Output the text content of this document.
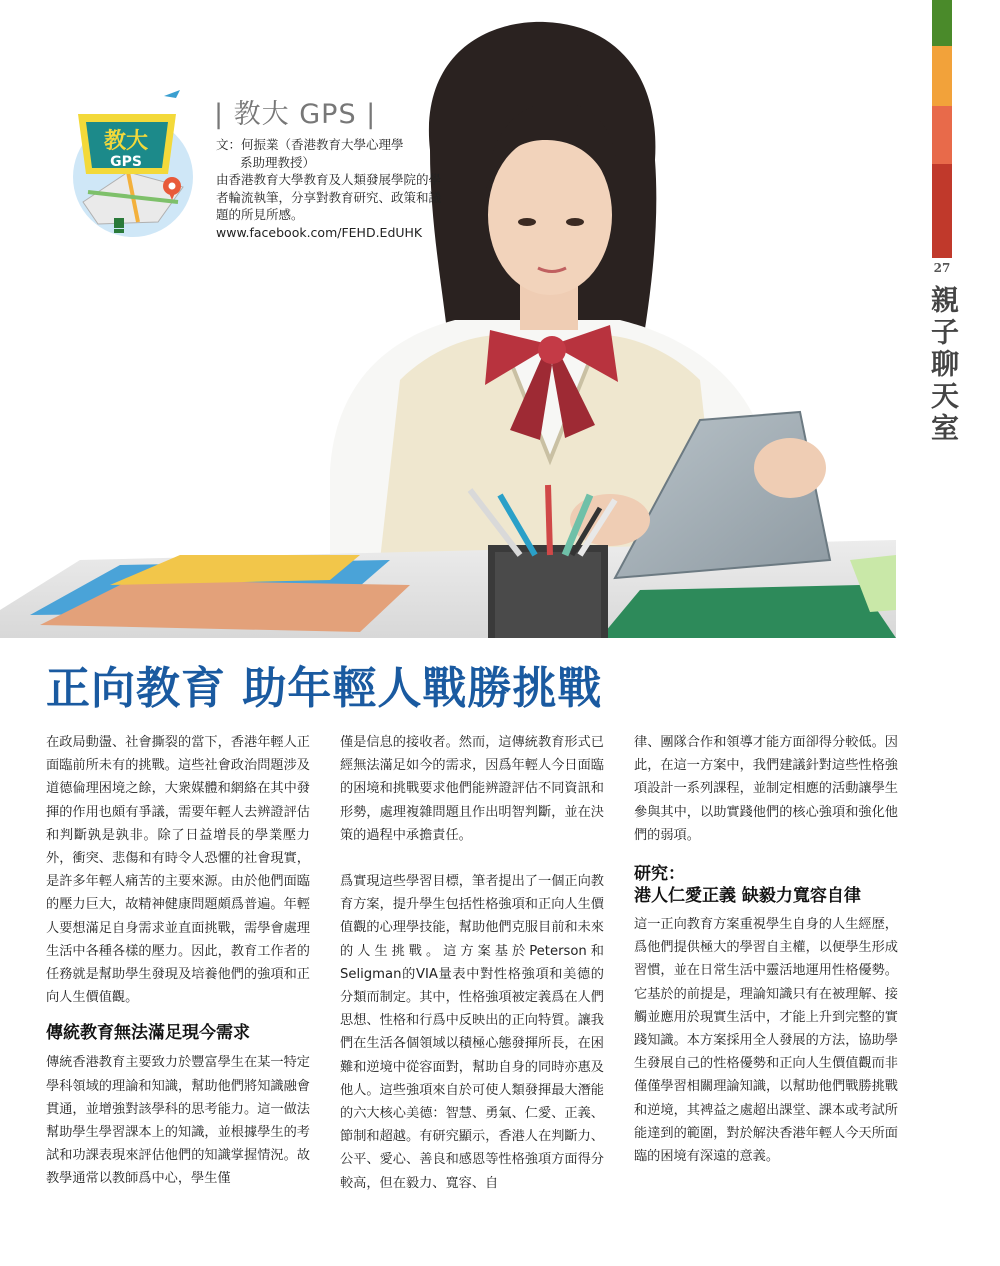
教大
GPS
| 教大 GPS |

文：何振業（香港教育大學心理學

系助理教授）

由香港教育大學教育及人類發展學院的學者輪流執筆，分享對教育研究、政策和議題的所見所感。www.facebook.com/FEHD.EdUHK

27
親子聊天室
正向教育 助年輕人戰勝挑戰

在政局動盪、社會撕裂的當下，香港年輕人正面臨前所未有的挑戰。這些社會政治問題涉及道德倫理困境之餘，大衆媒體和網絡在其中發揮的作用也頗有爭議，需要年輕人去辨證評估和判斷孰是孰非。除了日益增長的學業壓力外，衝突、悲傷和有時令人恐懼的社會現實，是許多年輕人痛苦的主要來源。由於他們面臨的壓力巨大，故精神健康問題頗爲普遍。年輕人要想滿足自身需求並直面挑戰，需學會處理生活中各種各樣的壓力。因此，教育工作者的任務就是幫助學生發現及培養他們的強項和正向人生價值觀。

傳統教育無法滿足現今需求

傳統香港教育主要致力於豐富學生在某一特定學科領域的理論和知識，幫助他們將知識融會貫通，並增強對該學科的思考能力。這一做法幫助學生學習課本上的知識，並根據學生的考試和功課表現來評估他們的知識掌握情況。故教學通常以教師爲中心，學生僅

僅是信息的接收者。然而，這傳統教育形式已經無法滿足如今的需求，因爲年輕人今日面臨的困境和挑戰要求他們能辨證評估不同資訊和形勢，處理複雜問題且作出明智判斷，並在決策的過程中承擔責任。

爲實現這些學習目標，筆者提出了一個正向教育方案，提升學生包括性格強項和正向人生價值觀的心理學技能，幫助他們克服目前和未來的人生挑戰。這方案基於Peterson和Seligman的VIA量表中對性格強項和美德的分類而制定。其中，性格強項被定義爲在人們思想、性格和行爲中反映出的正向特質。讓我們在生活各個領域以積極心態發揮所長，在困難和逆境中從容面對，幫助自身的同時亦惠及他人。這些強項來自於可使人類發揮最大潛能的六大核心美德：智慧、勇氣、仁愛、正義、節制和超越。有研究顯示，香港人在判斷力、公平、愛心、善良和感恩等性格強項方面得分較高，但在毅力、寬容、自

律、團隊合作和領導才能方面卻得分較低。因此，在這一方案中，我們建議針對這些性格強項設計一系列課程，並制定相應的活動讓學生參與其中，以助實踐他們的核心強項和強化他們的弱項。

研究：
港人仁愛正義 缺毅力寬容自律

這一正向教育方案重視學生自身的人生經歷，爲他們提供極大的學習自主權，以便學生形成習慣，並在日常生活中靈活地運用性格優勢。它基於的前提是，理論知識只有在被理解、接觸並應用於現實生活中，才能上升到完整的實踐知識。本方案採用全人發展的方法，協助學生發展自己的性格優勢和正向人生價值觀而非僅僅學習相關理論知識，以幫助他們戰勝挑戰和逆境，其裨益之處超出課堂、課本或考試所能達到的範圍，對於解決香港年輕人今天所面臨的困境有深遠的意義。
